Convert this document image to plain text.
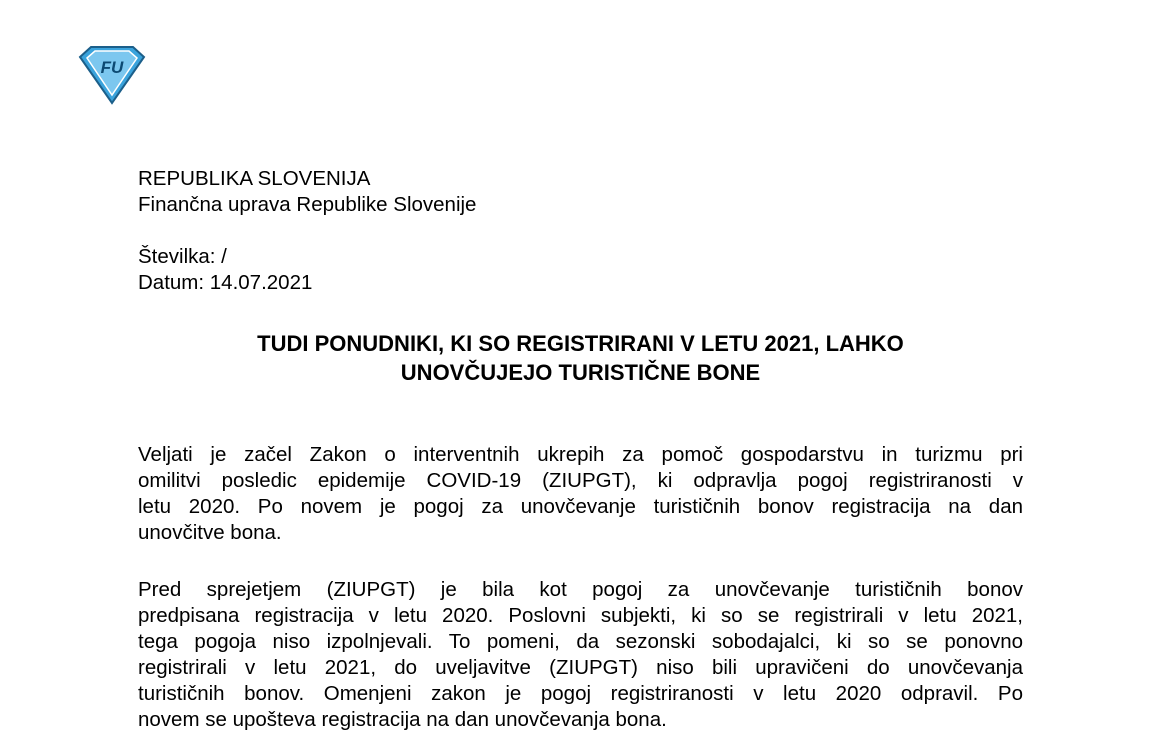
FU
REPUBLIKA SLOVENIJA
Finančna uprava Republike Slovenije
Številka: /
Datum: 14.07.2021
TUDI PONUDNIKI, KI SO REGISTRIRANI V LETU 2021, LAHKO
UNOVČUJEJO TURISTIČNE BONE
Veljati je začel Zakon o interventnih ukrepih za pomoč gospodarstvu in turizmu pri
omilitvi posledic epidemije COVID-19 (ZIUPGT), ki odpravlja pogoj registriranosti v
letu 2020. Po novem je pogoj za unovčevanje turističnih bonov registracija na dan
unovčitve bona.
Pred sprejetjem (ZIUPGT) je bila kot pogoj za unovčevanje turističnih bonov
predpisana registracija v letu 2020. Poslovni subjekti, ki so se registrirali v letu 2021,
tega pogoja niso izpolnjevali. To pomeni, da sezonski sobodajalci, ki so se ponovno
registrirali v letu 2021, do uveljavitve (ZIUPGT) niso bili upravičeni do unovčevanja
turističnih bonov. Omenjeni zakon je pogoj registriranosti v letu 2020 odpravil. Po
novem se upošteva registracija na dan unovčevanja bona.
